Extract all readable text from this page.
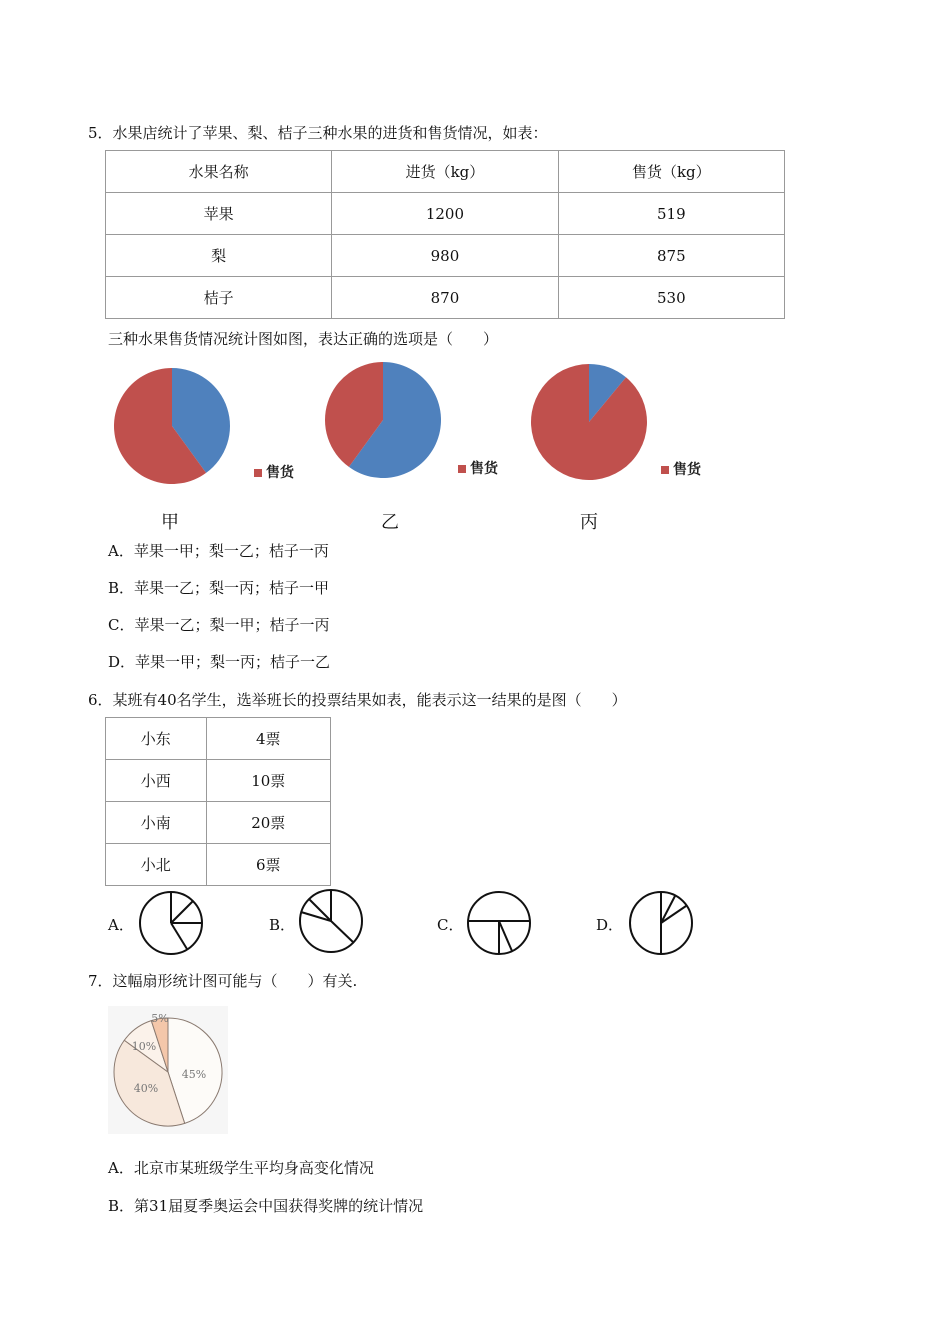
5．水果店统计了苹果、梨、桔子三种水果的进货和售货情况，如表：
水果名称	进货（kg）	售货（kg）
苹果	1200	519
梨	980	875
桔子	870	530
三种水果售货情况统计图如图，表达正确的选项是（　　）
售货	售货	售货
甲	乙	丙
A．苹果一甲；梨一乙；桔子一丙
B．苹果一乙；梨一丙；桔子一甲
C．苹果一乙；梨一甲；桔子一丙
D．苹果一甲；梨一丙；桔子一乙
6．某班有40名学生，选举班长的投票结果如表，能表示这一结果的是图（　　）
小东	4票
小西	10票
小南	20票
小北	6票
A．	B．	C．	D．
7．这幅扇形统计图可能与（　　）有关.
45%
40%
10%
5%
A．北京市某班级学生平均身高变化情况
B．第31届夏季奥运会中国获得奖牌的统计情况
